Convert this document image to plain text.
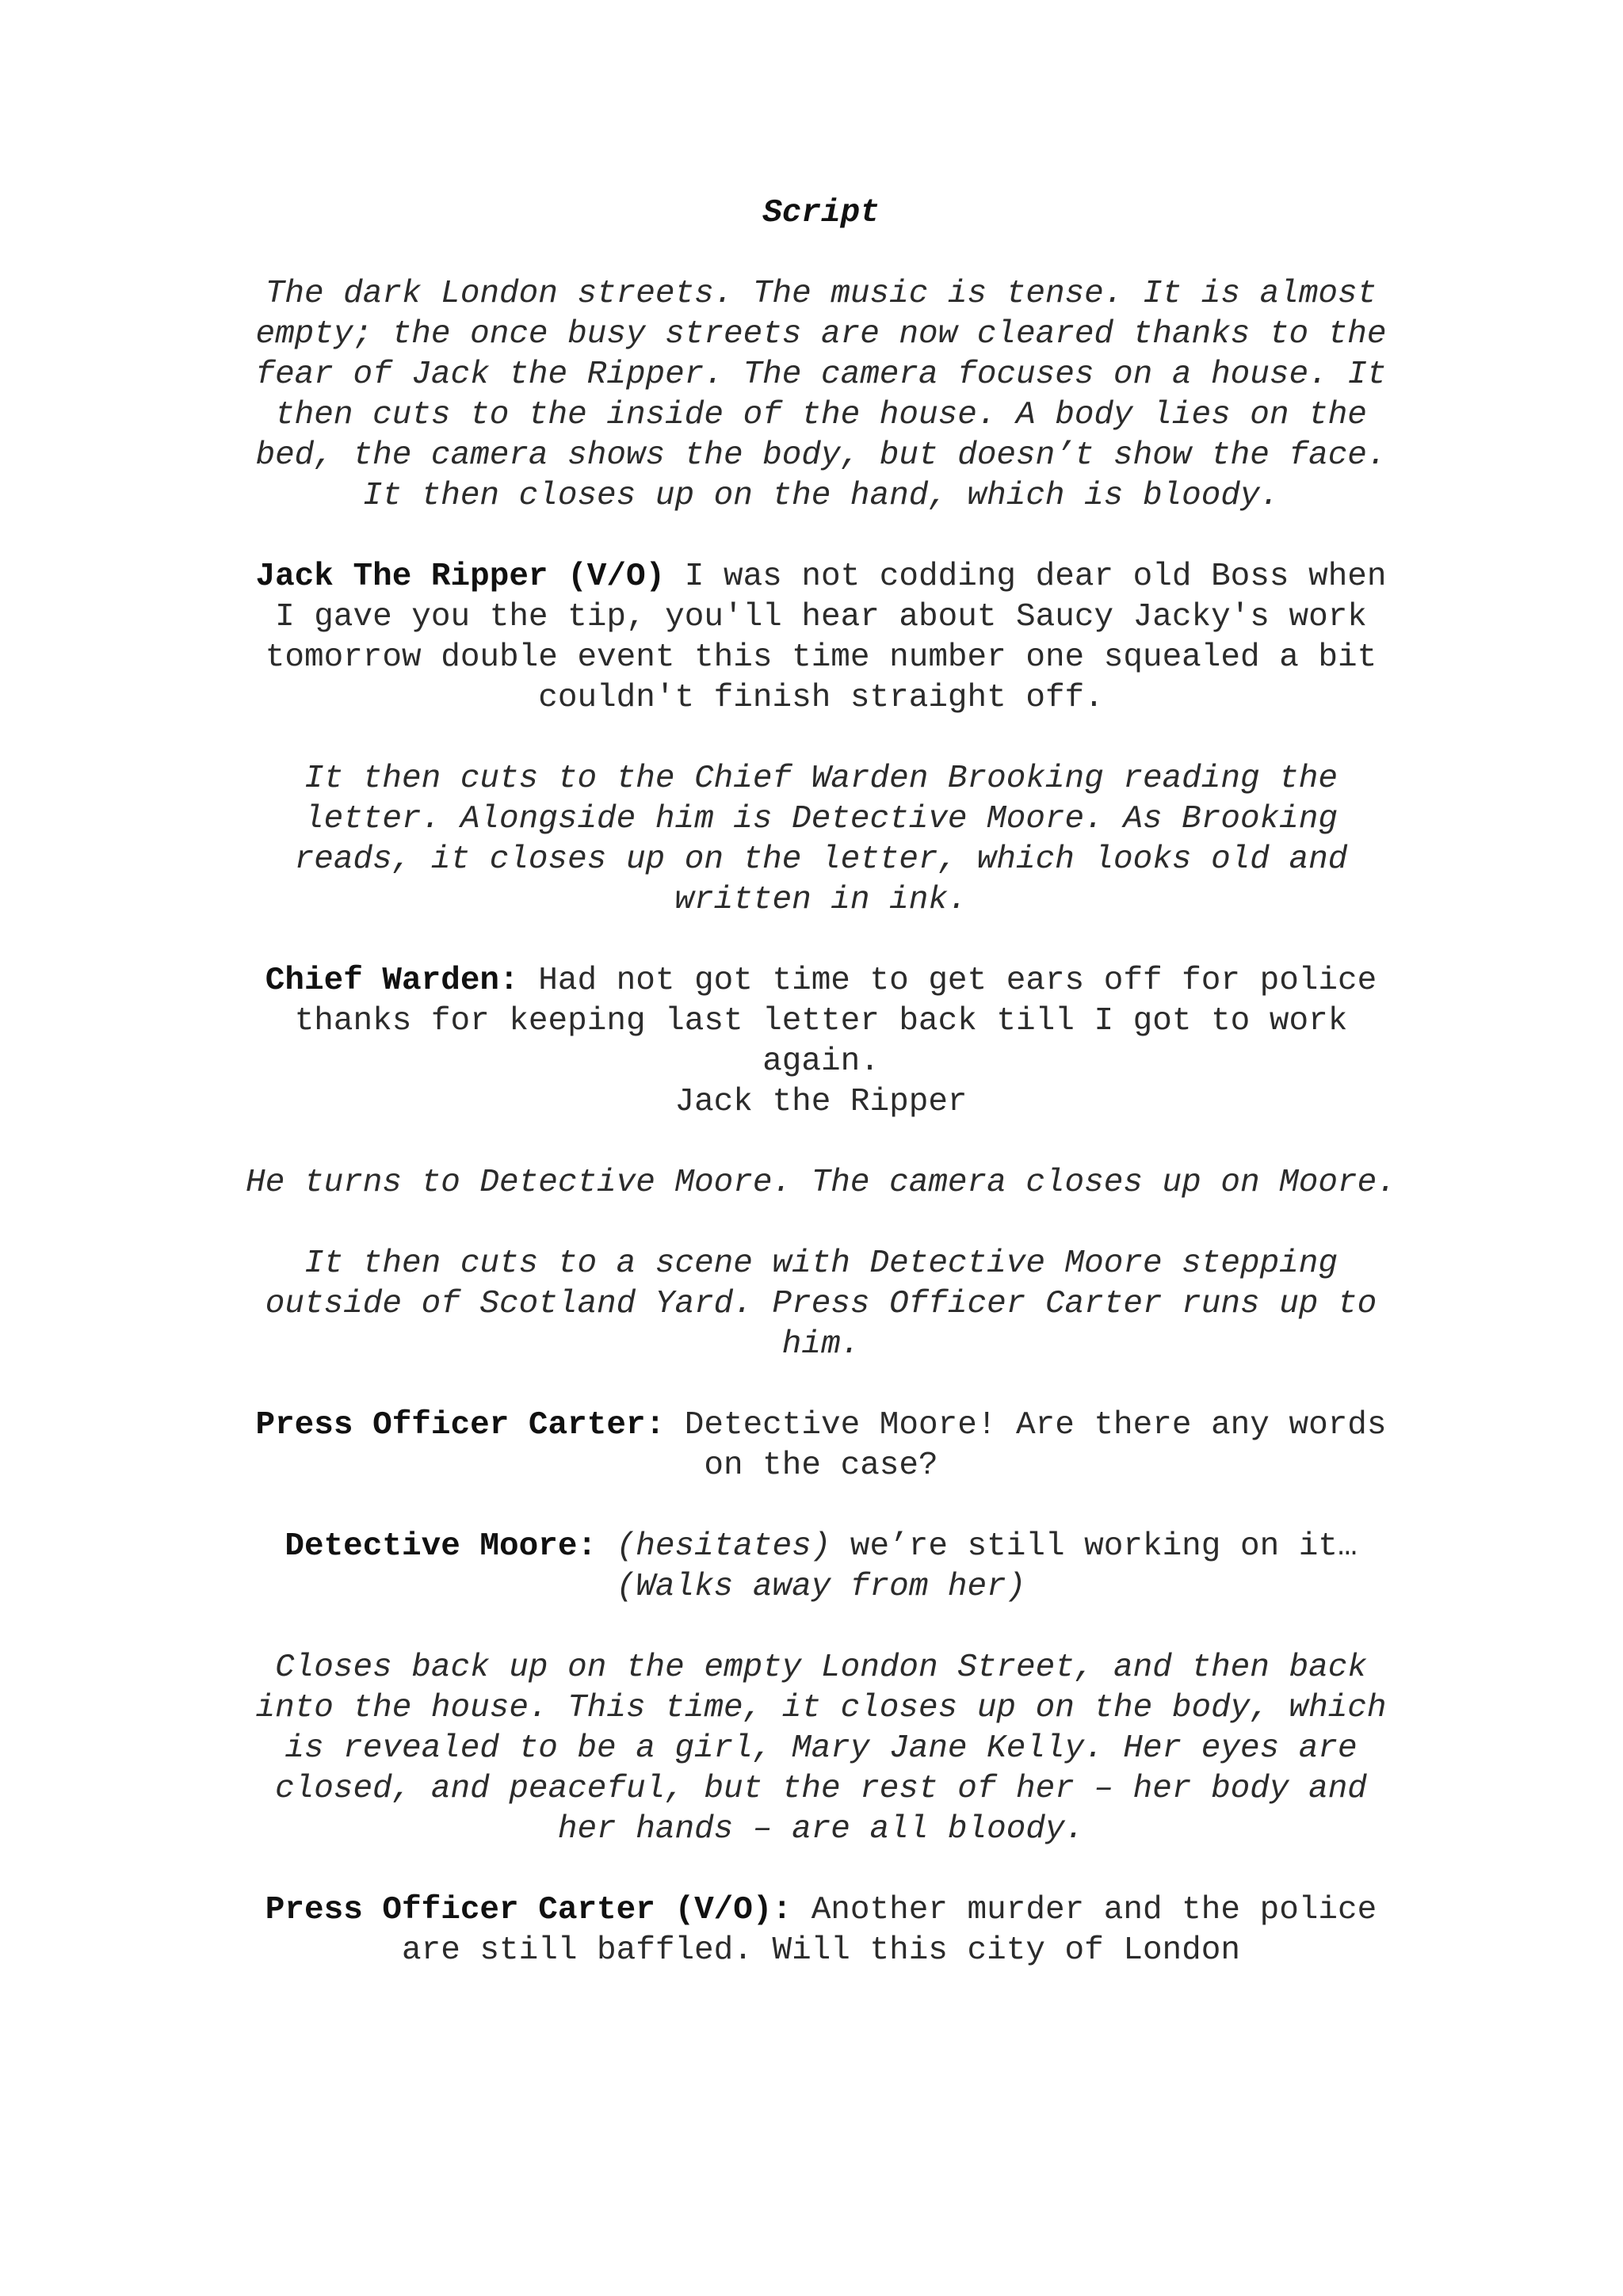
Script
The dark London streets. The music is tense. It is almost empty; the once busy streets are now cleared thanks to the fear of Jack the Ripper. The camera focuses on a house. It then cuts to the inside of the house. A body lies on the bed, the camera shows the body, but doesn’t show the face. It then closes up on the hand, which is bloody.
Jack The Ripper (V/O) I was not codding dear old Boss when I gave you the tip, you'll hear about Saucy Jacky's work tomorrow double event this time number one squealed a bit couldn't finish straight off.
It then cuts to the Chief Warden Brooking reading the letter. Alongside him is Detective Moore. As Brooking reads, it closes up on the letter, which looks old and written in ink.
Chief Warden: Had not got time to get ears off for police thanks for keeping last letter back till I got to work again.
Jack the Ripper
He turns to Detective Moore. The camera closes up on Moore.
It then cuts to a scene with Detective Moore stepping outside of Scotland Yard. Press Officer Carter runs up to him.
Press Officer Carter: Detective Moore! Are there any words on the case?
Detective Moore: (hesitates) we’re still working on it… (Walks away from her)
Closes back up on the empty London Street, and then back into the house. This time, it closes up on the body, which is revealed to be a girl, Mary Jane Kelly. Her eyes are closed, and peaceful, but the rest of her – her body and her hands – are all bloody.
Press Officer Carter (V/O): Another murder and the police are still baffled. Will this city of London
